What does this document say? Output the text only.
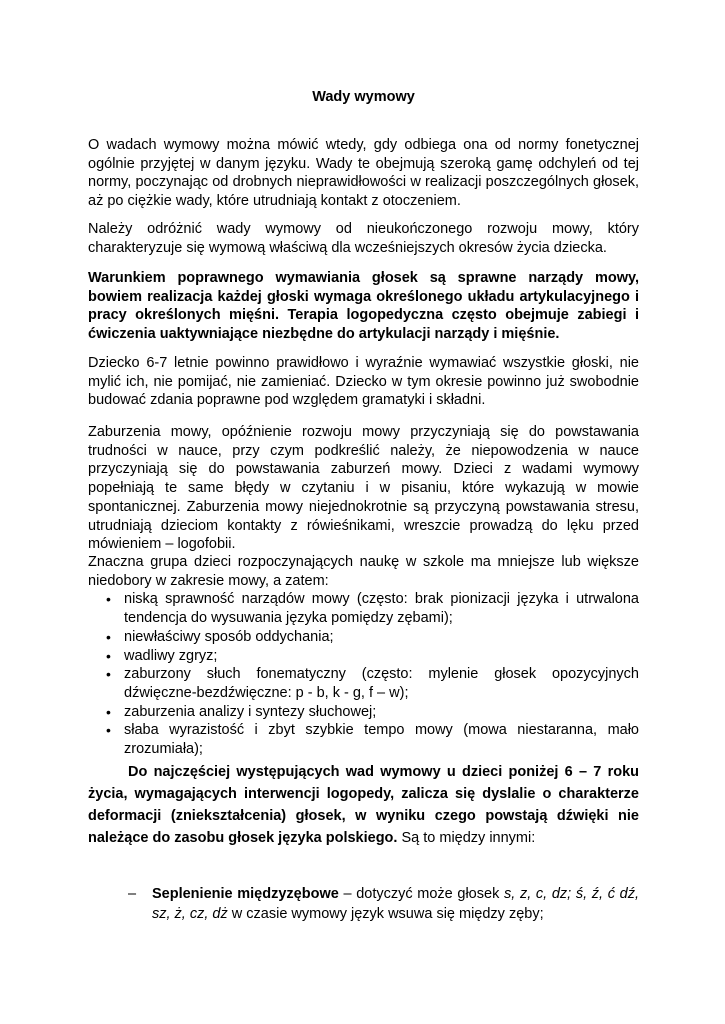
Wady wymowy

O wadach wymowy można mówić wtedy, gdy odbiega ona od normy fonetycznej ogólnie przyjętej w danym języku. Wady te obejmują szeroką gamę odchyleń od tej normy, poczynając od drobnych nieprawidłowości w realizacji poszczególnych głosek, aż po ciężkie wady, które utrudniają kontakt z otoczeniem.

Należy odróżnić wady wymowy od nieukończonego rozwoju mowy, który charakteryzuje się wymową właściwą dla wcześniejszych okresów życia dziecka.

Warunkiem poprawnego wymawiania głosek są sprawne narządy mowy, bowiem realizacja każdej głoski wymaga określonego układu artykulacyjnego i pracy określonych mięśni. Terapia logopedyczna często obejmuje zabiegi i ćwiczenia uaktywniające niezbędne do artykulacji narządy i mięśnie.

Dziecko 6-7 letnie powinno prawidłowo i wyraźnie wymawiać wszystkie głoski, nie mylić ich, nie pomijać, nie zamieniać. Dziecko w tym okresie powinno już swobodnie budować zdania poprawne pod względem gramatyki i składni.

Zaburzenia mowy, opóźnienie rozwoju mowy przyczyniają się do powstawania trudności w nauce, przy czym podkreślić należy, że niepowodzenia w nauce przyczyniają się do powstawania zaburzeń mowy. Dzieci z wadami wymowy popełniają te same błędy w czytaniu i w pisaniu, które wykazują w mowie spontanicznej. Zaburzenia mowy niejednokrotnie są przyczyną powstawania stresu, utrudniają dzieciom kontakty z rówieśnikami, wreszcie prowadzą do lęku przed mówieniem – logofobii.

Znaczna grupa dzieci rozpoczynających naukę w szkole ma mniejsze lub większe niedobory w zakresie mowy, a zatem:

• niską sprawność narządów mowy (często: brak pionizacji języka i utrwalona tendencja do wysuwania języka pomiędzy zębami);
• niewłaściwy sposób oddychania;
• wadliwy zgryz;
• zaburzony słuch fonematyczny (często: mylenie głosek opozycyjnych dźwięczne-bezdźwięczne: p - b, k - g, f – w);
• zaburzenia analizy i syntezy słuchowej;
• słaba wyrazistość i zbyt szybkie tempo mowy (mowa niestaranna, mało zrozumiała);

Do najczęściej występujących wad wymowy u dzieci poniżej 6 – 7 roku życia, wymagających interwencji logopedy, zalicza się dyslalie o charakterze deformacji (zniekształcenia) głosek, w wyniku czego powstają dźwięki nie należące do zasobu głosek języka polskiego. Są to między innymi:

– Seplenienie międzyzębowe – dotyczyć może głosek s, z, c, dz; ś, ź, ć dź, sz, ż, cz, dż w czasie wymowy język wsuwa się między zęby;
